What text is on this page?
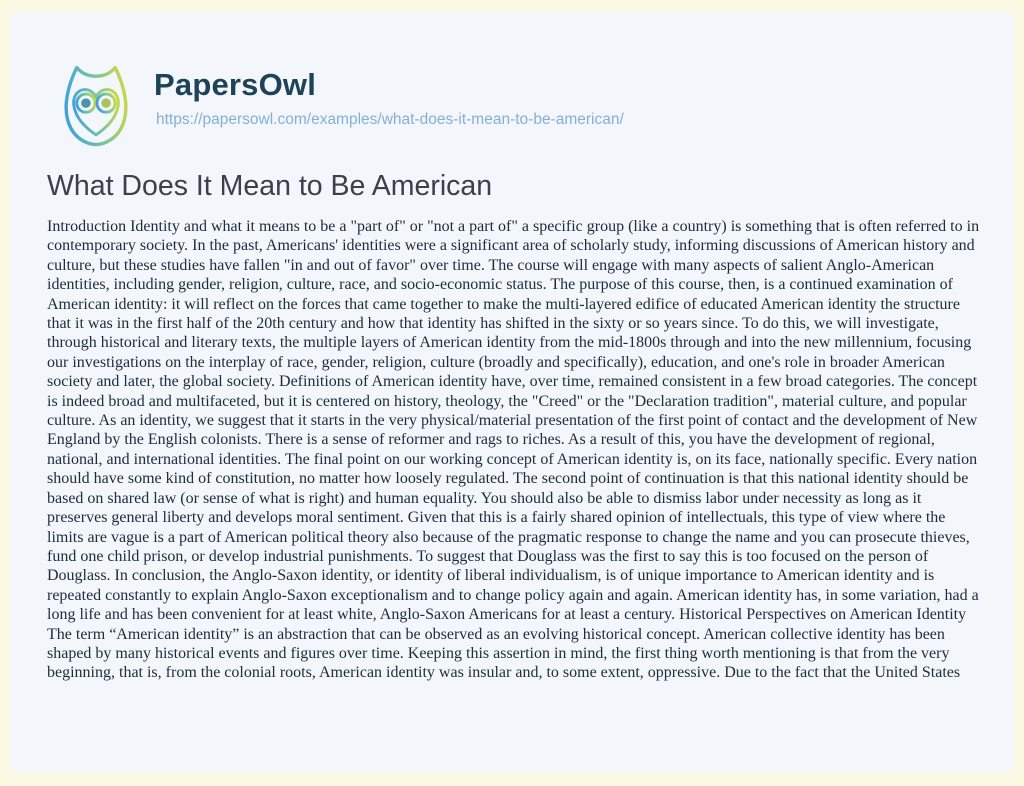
PapersOwl
https://papersowl.com/examples/what-does-it-mean-to-be-american/
What Does It Mean to Be American
Introduction Identity and what it means to be a "part of" or "not a part of" a specific group (like a country) is something that is often referred to in contemporary society. In the past, Americans' identities were a significant area of scholarly study, informing discussions of American history and culture, but these studies have fallen "in and out of favor" over time. The course will engage with many aspects of salient Anglo-American identities, including gender, religion, culture, race, and socio-economic status. The purpose of this course, then, is a continued examination of American identity: it will reflect on the forces that came together to make the multi-layered edifice of educated American identity the structure that it was in the first half of the 20th century and how that identity has shifted in the sixty or so years since. To do this, we will investigate, through historical and literary texts, the multiple layers of American identity from the mid-1800s through and into the new millennium, focusing our investigations on the interplay of race, gender, religion, culture (broadly and specifically), education, and one's role in broader American society and later, the global society. Definitions of American identity have, over time, remained consistent in a few broad categories. The concept is indeed broad and multifaceted, but it is centered on history, theology, the "Creed" or the "Declaration tradition", material culture, and popular culture. As an identity, we suggest that it starts in the very physical/material presentation of the first point of contact and the development of New England by the English colonists. There is a sense of reformer and rags to riches. As a result of this, you have the development of regional, national, and international identities. The final point on our working concept of American identity is, on its face, nationally specific. Every nation should have some kind of constitution, no matter how loosely regulated. The second point of continuation is that this national identity should be based on shared law (or sense of what is right) and human equality. You should also be able to dismiss labor under necessity as long as it preserves general liberty and develops moral sentiment. Given that this is a fairly shared opinion of intellectuals, this type of view where the limits are vague is a part of American political theory also because of the pragmatic response to change the name and you can prosecute thieves, fund one child prison, or develop industrial punishments. To suggest that Douglass was the first to say this is too focused on the person of Douglass. In conclusion, the Anglo-Saxon identity, or identity of liberal individualism, is of unique importance to American identity and is repeated constantly to explain Anglo-Saxon exceptionalism and to change policy again and again. American identity has, in some variation, had a long life and has been convenient for at least white, Anglo-Saxon Americans for at least a century. Historical Perspectives on American Identity The term “American identity” is an abstraction that can be observed as an evolving historical concept. American collective identity has been shaped by many historical events and figures over time. Keeping this assertion in mind, the first thing worth mentioning is that from the very beginning, that is, from the colonial roots, American identity was insular and, to some extent, oppressive. Due to the fact that the United States
